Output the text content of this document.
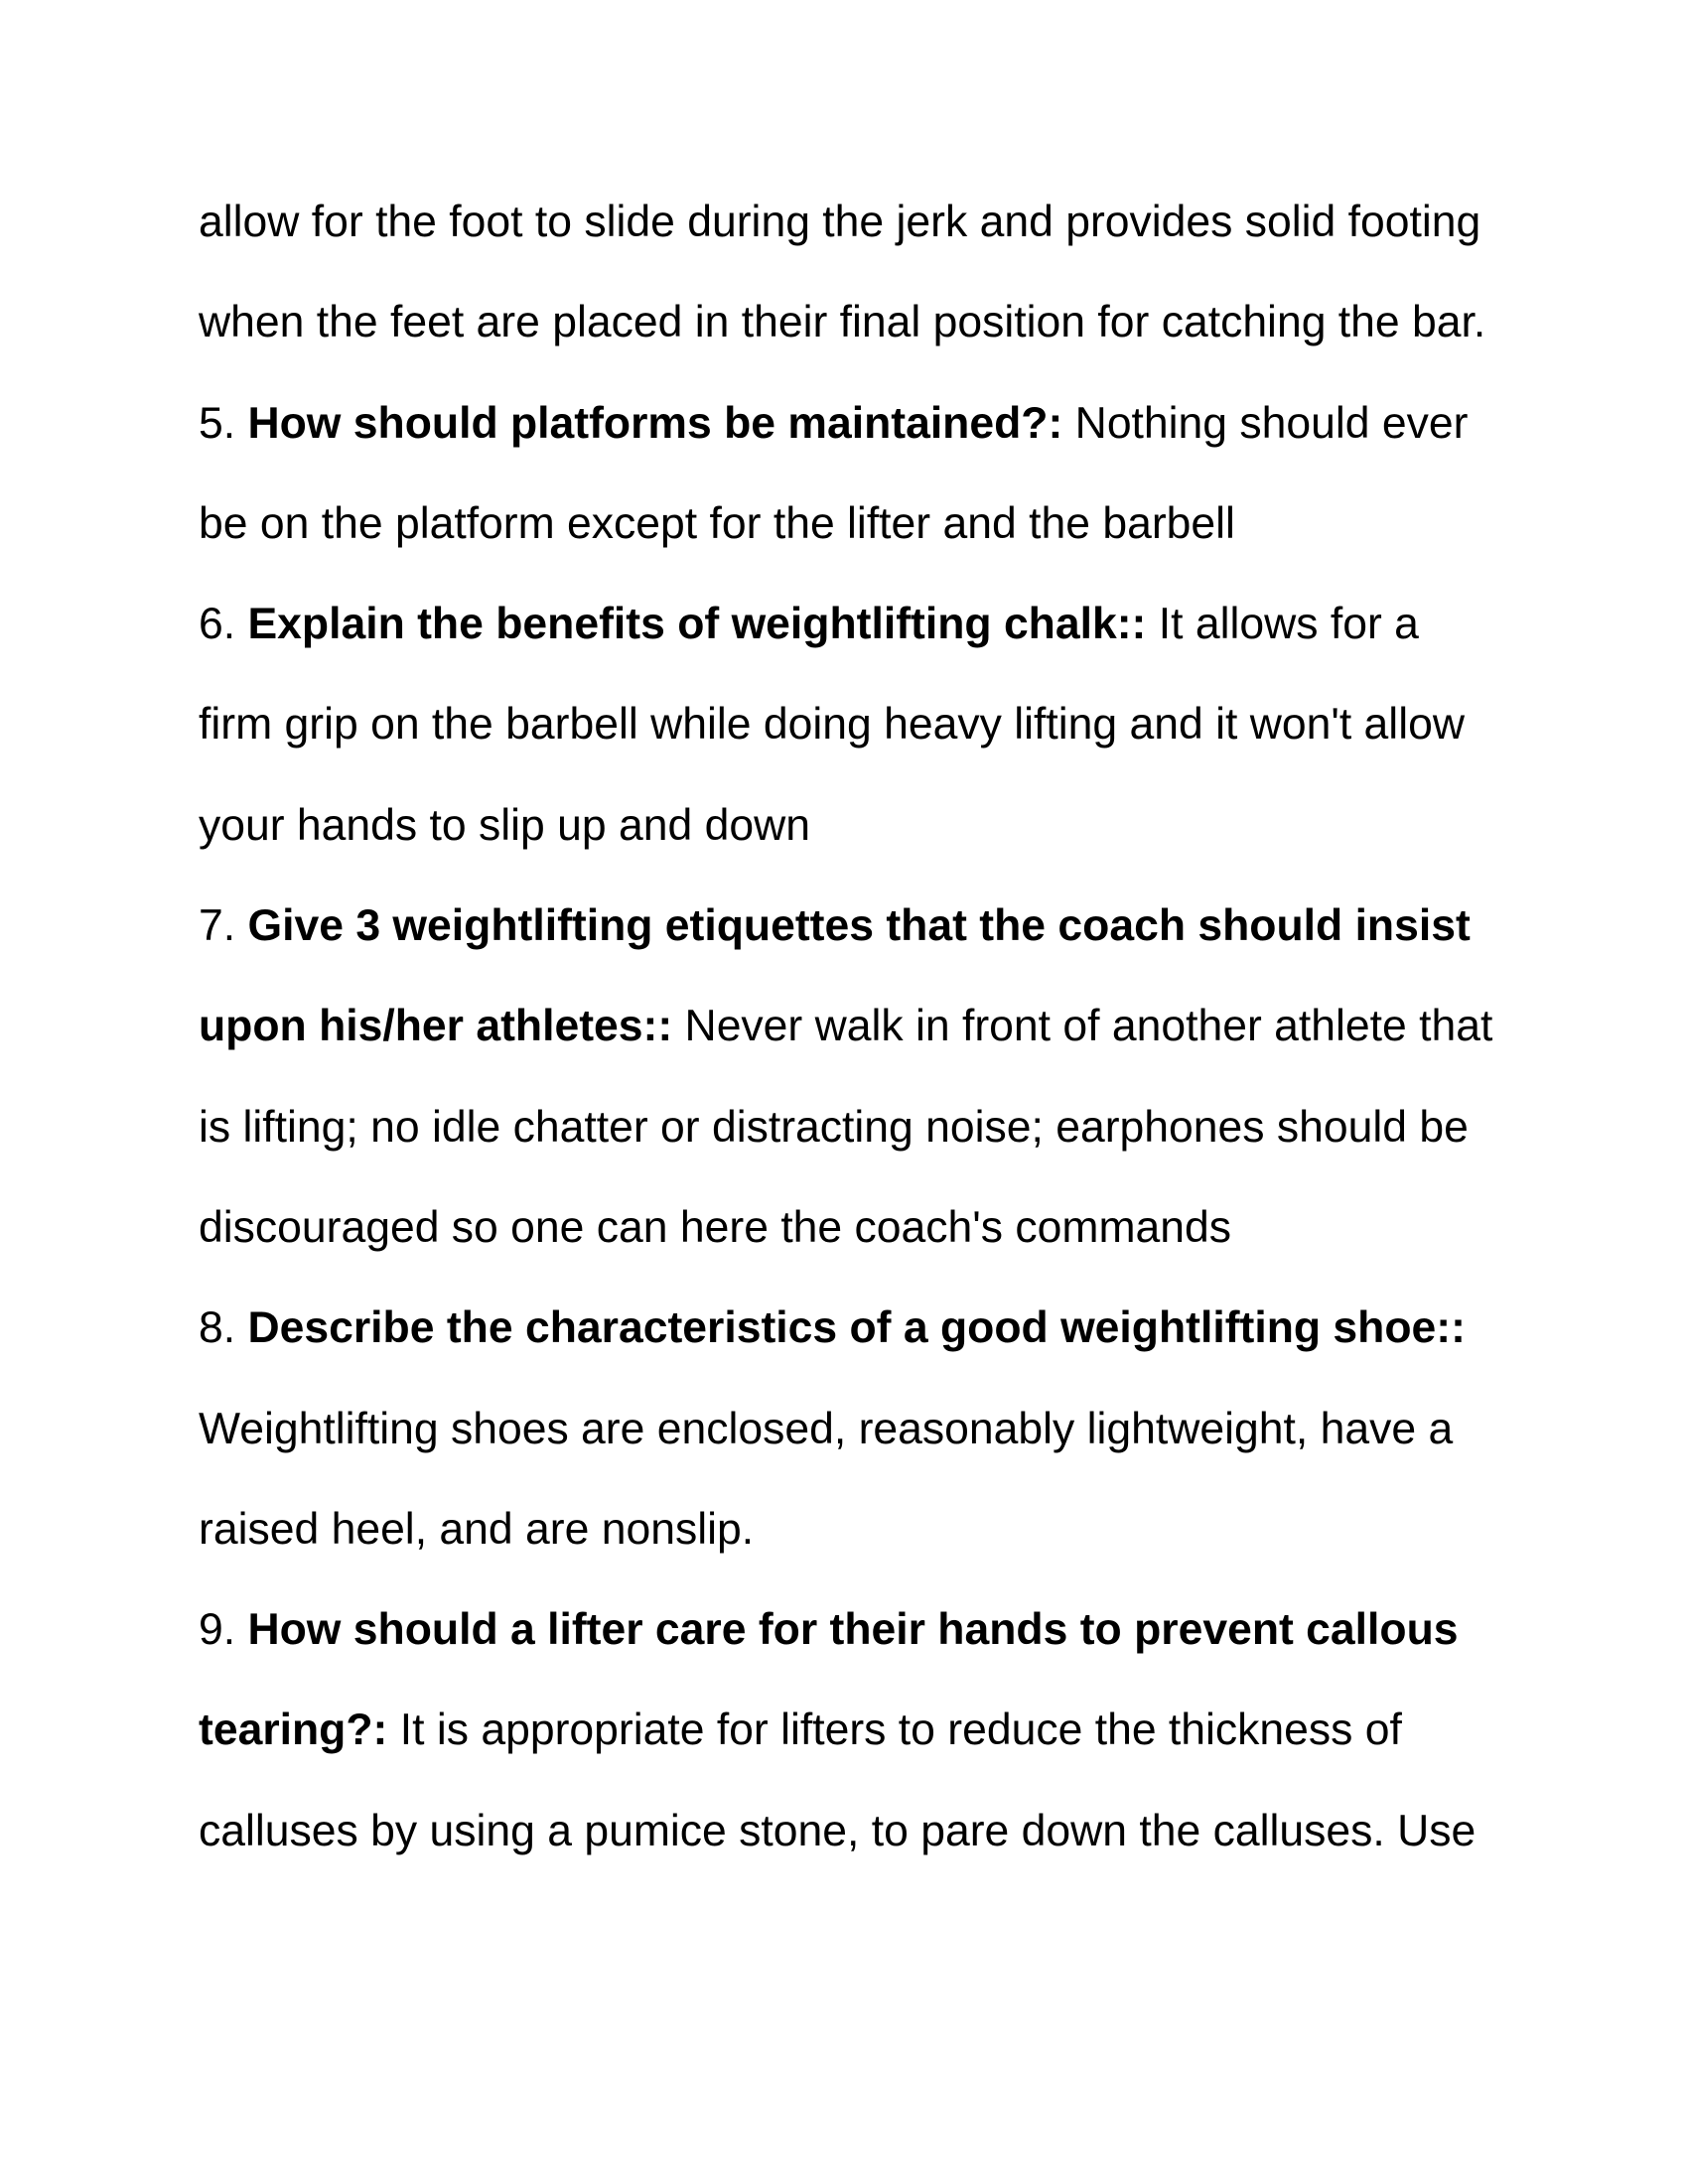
allow for the foot to slide during the jerk and provides solid footing
when the feet are placed in their final position for catching the bar.
5. How should platforms be maintained?: Nothing should ever
be on the platform except for the lifter and the barbell
6. Explain the benefits of weightlifting chalk:: It allows for a
firm grip on the barbell while doing heavy lifting and it won't allow
your hands to slip up and down
7. Give 3 weightlifting etiquettes that the coach should insist
upon his/her athletes:: Never walk in front of another athlete that
is lifting; no idle chatter or distracting noise; earphones should be
discouraged so one can here the coach's commands
8. Describe the characteristics of a good weightlifting shoe::
Weightlifting shoes are enclosed, reasonably lightweight, have a
raised heel, and are nonslip.
9. How should a lifter care for their hands to prevent callous
tearing?: It is appropriate for lifters to reduce the thickness of
calluses by using a pumice stone, to pare down the calluses. Use
